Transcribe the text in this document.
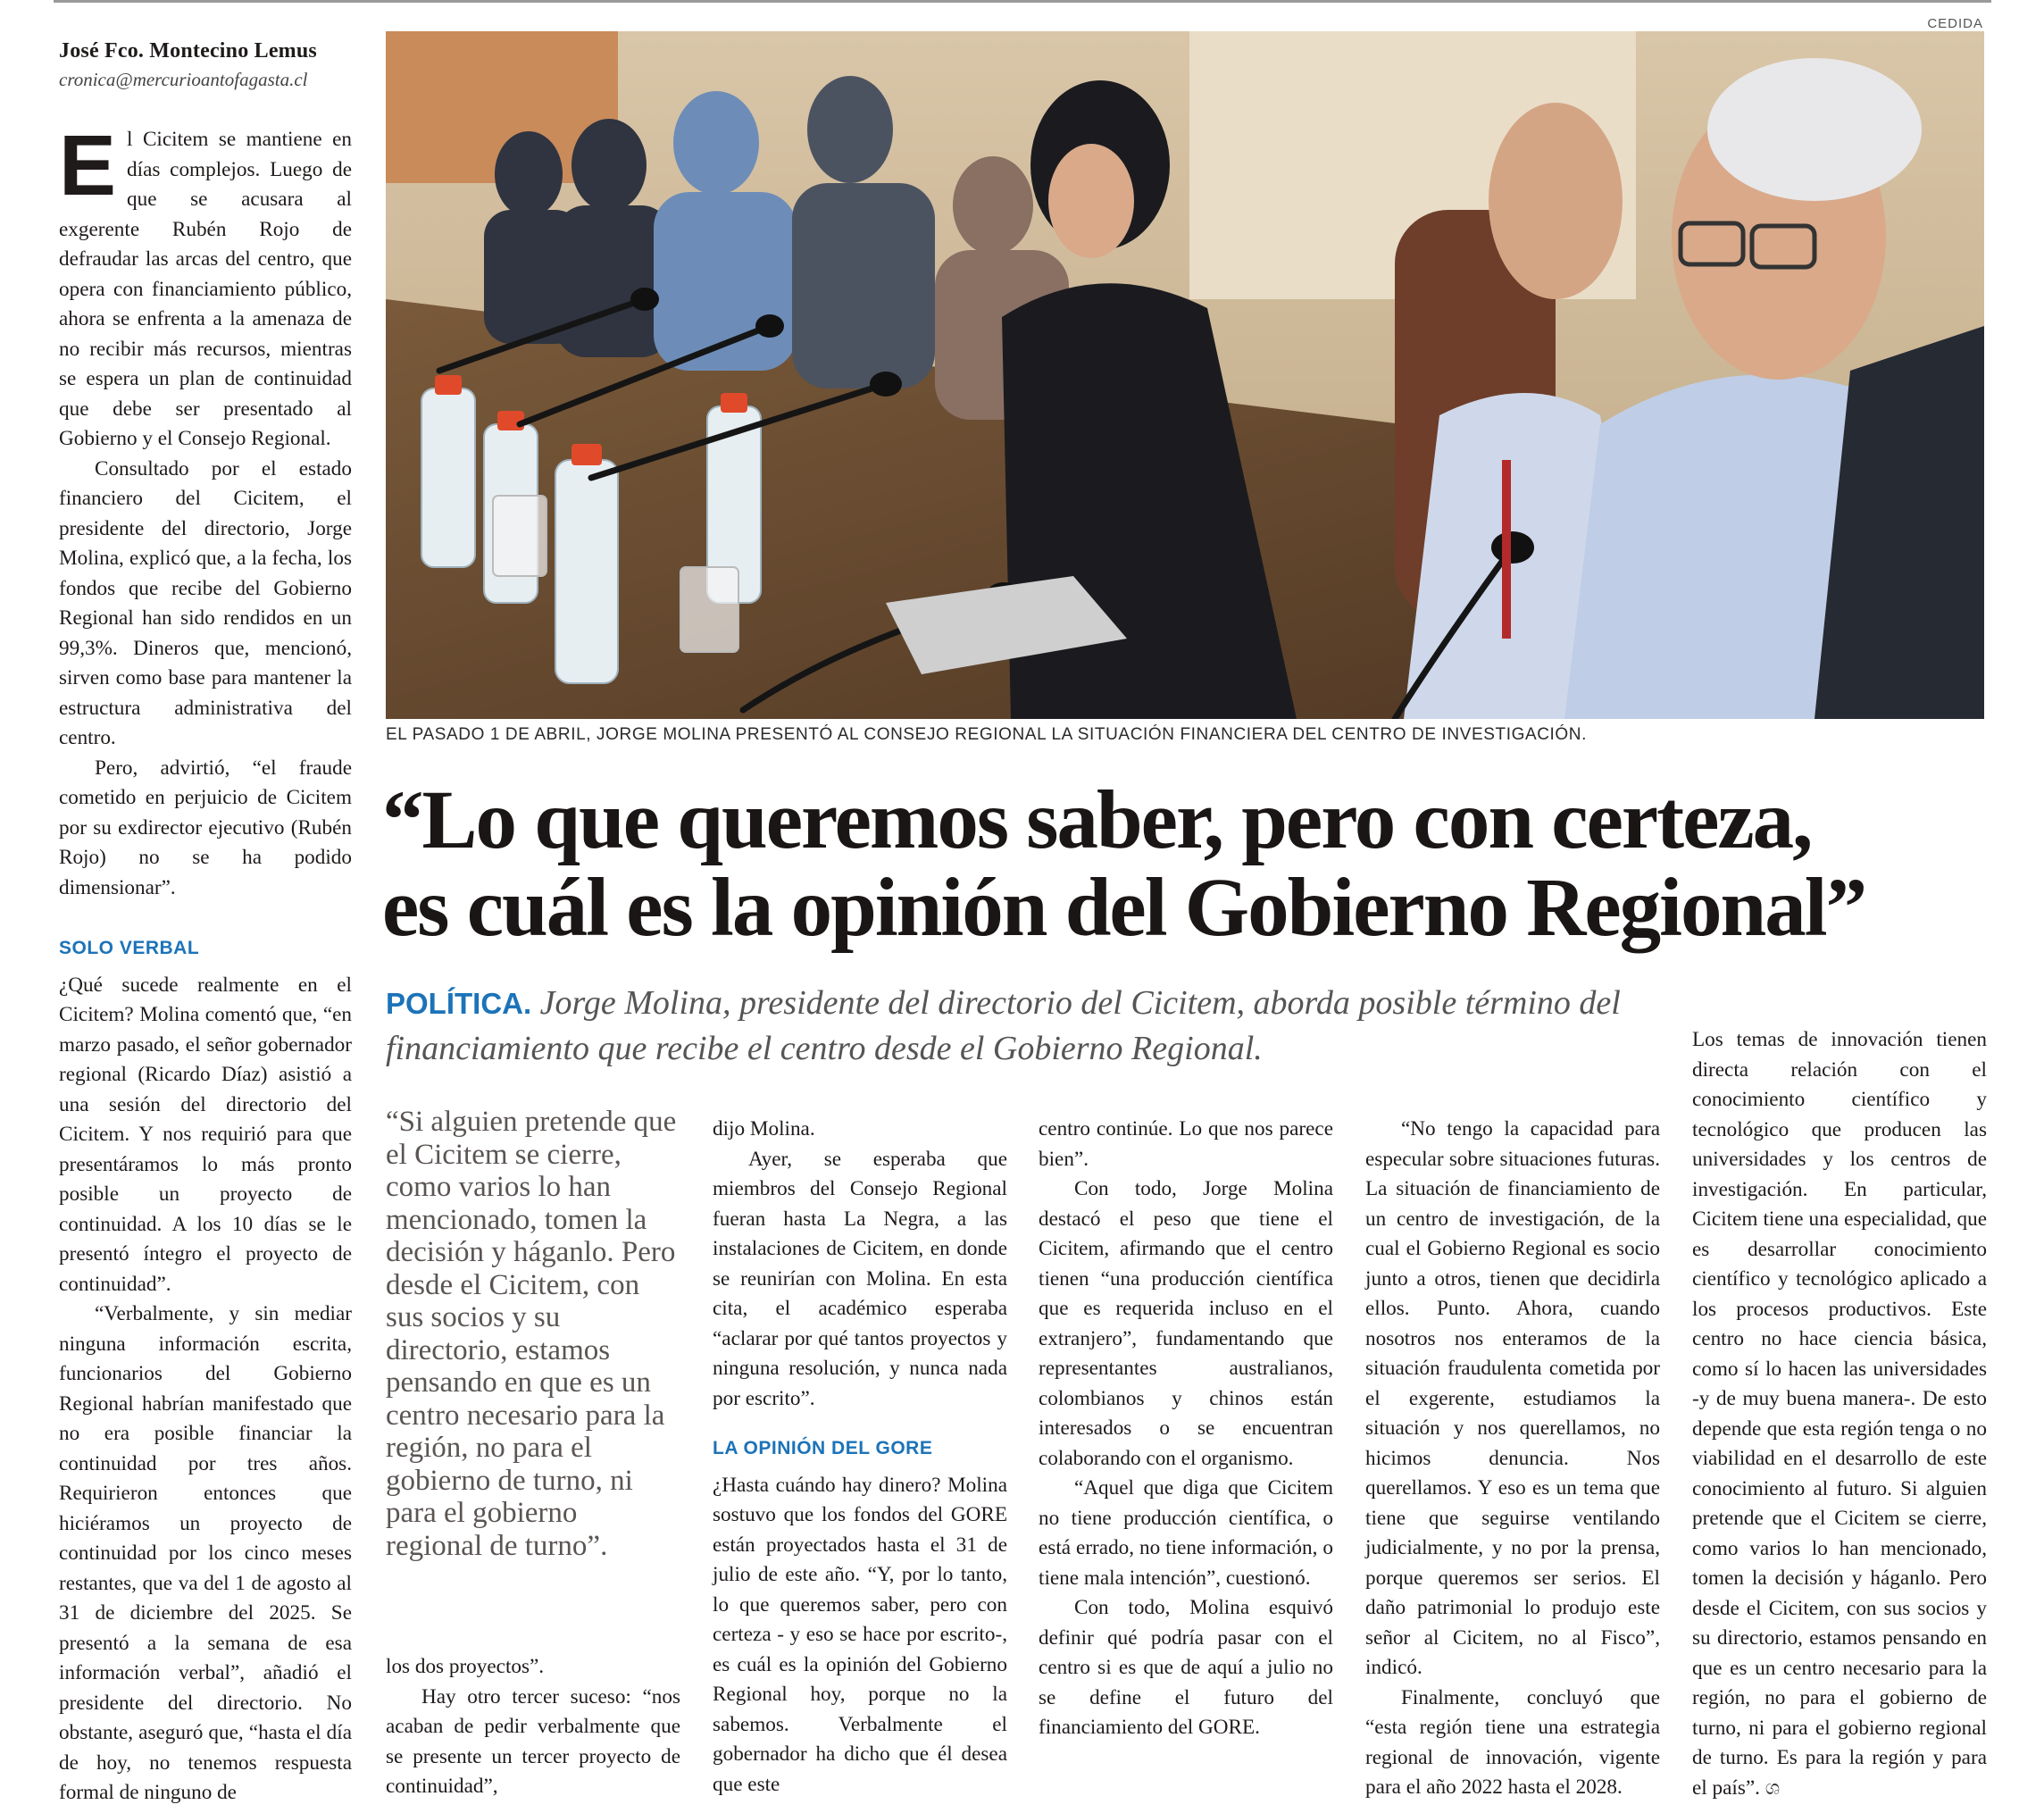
José Fco. Montecino Lemus
cronica@mercurioantofagasta.cl

El Cicitem se mantiene en días complejos. Luego de que se acusara al exgerente Rubén Rojo de defraudar las arcas del centro, que opera con financiamiento público, ahora se enfrenta a la amenaza de no recibir más recursos, mientras se espera un plan de continuidad que debe ser presentado al Gobierno y el Consejo Regional.

Consultado por el estado financiero del Cicitem, el presidente del directorio, Jorge Molina, explicó que, a la fecha, los fondos que recibe del Gobierno Regional han sido rendidos en un 99,3%. Dineros que, mencionó, sirven como base para mantener la estructura administrativa del centro.

Pero, advirtió, “el fraude cometido en perjuicio de Cicitem por su exdirector ejecutivo (Rubén Rojo) no se ha podido dimensionar”.

SOLO VERBAL

¿Qué sucede realmente en el Cicitem? Molina comentó que, “en marzo pasado, el señor gobernador regional (Ricardo Díaz) asistió a una sesión del directorio del Cicitem. Y nos requirió para que presentáramos lo más pronto posible un proyecto de continuidad. A los 10 días se le presentó íntegro el proyecto de continuidad”.

“Verbalmente, y sin mediar ninguna información escrita, funcionarios del Gobierno Regional habrían manifestado que no era posible financiar la continuidad por tres años. Requirieron entonces que hiciéramos un proyecto de continuidad por los cinco meses restantes, que va del 1 de agosto al 31 de diciembre del 2025. Se presentó a la semana de esa información verbal”, añadió el presidente del directorio. No obstante, aseguró que, “hasta el día de hoy, no tenemos respuesta formal de ninguno de

CEDIDA
EL PASADO 1 DE ABRIL, JORGE MOLINA PRESENTÓ AL CONSEJO REGIONAL LA SITUACIÓN FINANCIERA DEL CENTRO DE INVESTIGACIÓN.
“Lo que queremos saber, pero con certeza,
es cuál es la opinión del Gobierno Regional”
POLÍTICA. Jorge Molina, presidente del directorio del Cicitem, aborda posible término del financiamiento que recibe el centro desde el Gobierno Regional.
“Si alguien pretende que el Cicitem se cierre, como varios lo han mencionado, tomen la decisión y háganlo. Pero desde el Cicitem, con sus socios y su directorio, estamos pensando en que es un centro necesario para la región, no para el gobierno de turno, ni para el gobierno regional de turno”.

los dos proyectos”.

Hay otro tercer suceso: “nos acaban de pedir verbalmente que se presente un tercer proyecto de continuidad”,

dijo Molina.

Ayer, se esperaba que miembros del Consejo Regional fueran hasta La Negra, a las instalaciones de Cicitem, en donde se reunirían con Molina. En esta cita, el académico esperaba “aclarar por qué tantos proyectos y ninguna resolución, y nunca nada por escrito”.

LA OPINIÓN DEL GORE

¿Hasta cuándo hay dinero? Molina sostuvo que los fondos del GORE están proyectados hasta el 31 de julio de este año. “Y, por lo tanto, lo que queremos saber, pero con certeza - y eso se hace por escrito-, es cuál es la opinión del Gobierno Regional hoy, porque no la sabemos. Verbalmente el gobernador ha dicho que él desea que este

centro continúe. Lo que nos parece bien”.

Con todo, Jorge Molina destacó el peso que tiene el Cicitem, afirmando que el centro tienen “una producción científica que es requerida incluso en el extranjero”, fundamentando que representantes australianos, colombianos y chinos están interesados o se encuentran colaborando con el organismo.

“Aquel que diga que Cicitem no tiene producción científica, o está errado, no tiene información, o tiene mala intención”, cuestionó.

Con todo, Molina esquivó definir qué podría pasar con el centro si es que de aquí a julio no se define el futuro del financiamiento del GORE.

“No tengo la capacidad para especular sobre situaciones futuras. La situación de financiamiento de un centro de investigación, de la cual el Gobierno Regional es socio junto a otros, tienen que decidirla ellos. Punto. Ahora, cuando nosotros nos enteramos de la situación fraudulenta cometida por el exgerente, estudiamos la situación y nos querellamos, no hicimos denuncia. Nos querellamos. Y eso es un tema que tiene que seguirse ventilando judicialmente, y no por la prensa, porque queremos ser serios. El daño patrimonial lo produjo este señor al Cicitem, no al Fisco”, indicó.

Finalmente, concluyó que “esta región tiene una estrategia regional de innovación, vigente para el año 2022 hasta el 2028.

Los temas de innovación tienen directa relación con el conocimiento científico y tecnológico que producen las universidades y los centros de investigación. En particular, Cicitem tiene una especialidad, que es desarrollar conocimiento científico y tecnológico aplicado a los procesos productivos. Este centro no hace ciencia básica, como sí lo hacen las universidades -y de muy buena manera-. De esto depende que esta región tenga o no viabilidad en el desarrollo de este conocimiento al futuro. Si alguien pretende que el Cicitem se cierre, como varios lo han mencionado, tomen la decisión y háganlo. Pero desde el Cicitem, con sus socios y su directorio, estamos pensando en que es un centro necesario para la región, no para el gobierno de turno, ni para el gobierno regional de turno. Es para la región y para el país”. ශ
